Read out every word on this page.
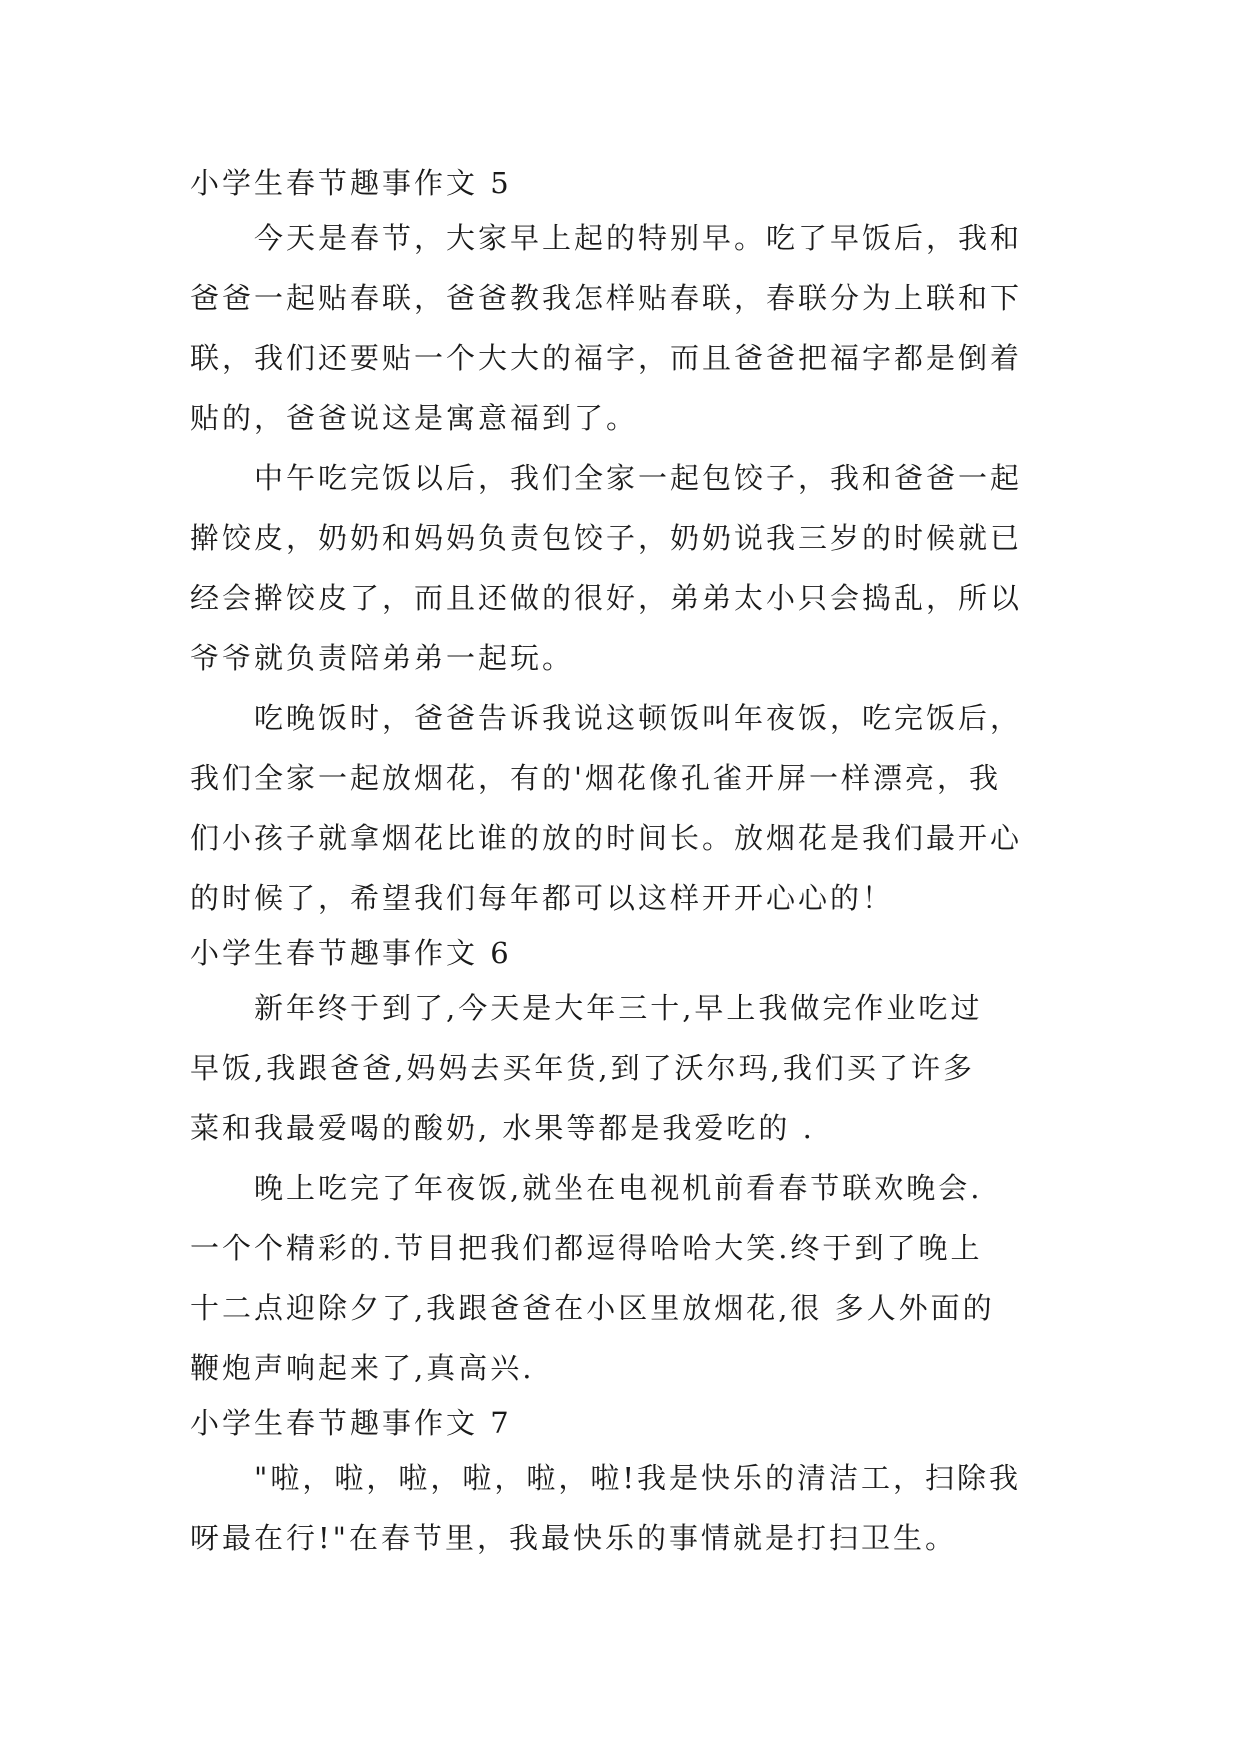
小学生春节趣事作文 5
今天是春节，大家早上起的特别早。吃了早饭后，我和
爸爸一起贴春联，爸爸教我怎样贴春联，春联分为上联和下
联，我们还要贴一个大大的福字，而且爸爸把福字都是倒着
贴的，爸爸说这是寓意福到了。
中午吃完饭以后，我们全家一起包饺子，我和爸爸一起
擀饺皮，奶奶和妈妈负责包饺子，奶奶说我三岁的时候就已
经会擀饺皮了，而且还做的很好，弟弟太小只会捣乱，所以
爷爷就负责陪弟弟一起玩。
吃晚饭时，爸爸告诉我说这顿饭叫年夜饭，吃完饭后，
我们全家一起放烟花，有的'烟花像孔雀开屏一样漂亮，我
们小孩子就拿烟花比谁的放的时间长。放烟花是我们最开心
的时候了，希望我们每年都可以这样开开心心的！
小学生春节趣事作文 6
新年终于到了,今天是大年三十,早上我做完作业吃过
早饭,我跟爸爸,妈妈去买年货,到了沃尔玛,我们买了许多
菜和我最爱喝的酸奶, 水果等都是我爱吃的 .
晚上吃完了年夜饭,就坐在电视机前看春节联欢晚会.
一个个精彩的.节目把我们都逗得哈哈大笑.终于到了晚上
十二点迎除夕了,我跟爸爸在小区里放烟花,很 多人外面的
鞭炮声响起来了,真高兴.
小学生春节趣事作文 7
"啦，啦，啦，啦，啦，啦!我是快乐的清洁工，扫除我
呀最在行!"在春节里，我最快乐的事情就是打扫卫生。
